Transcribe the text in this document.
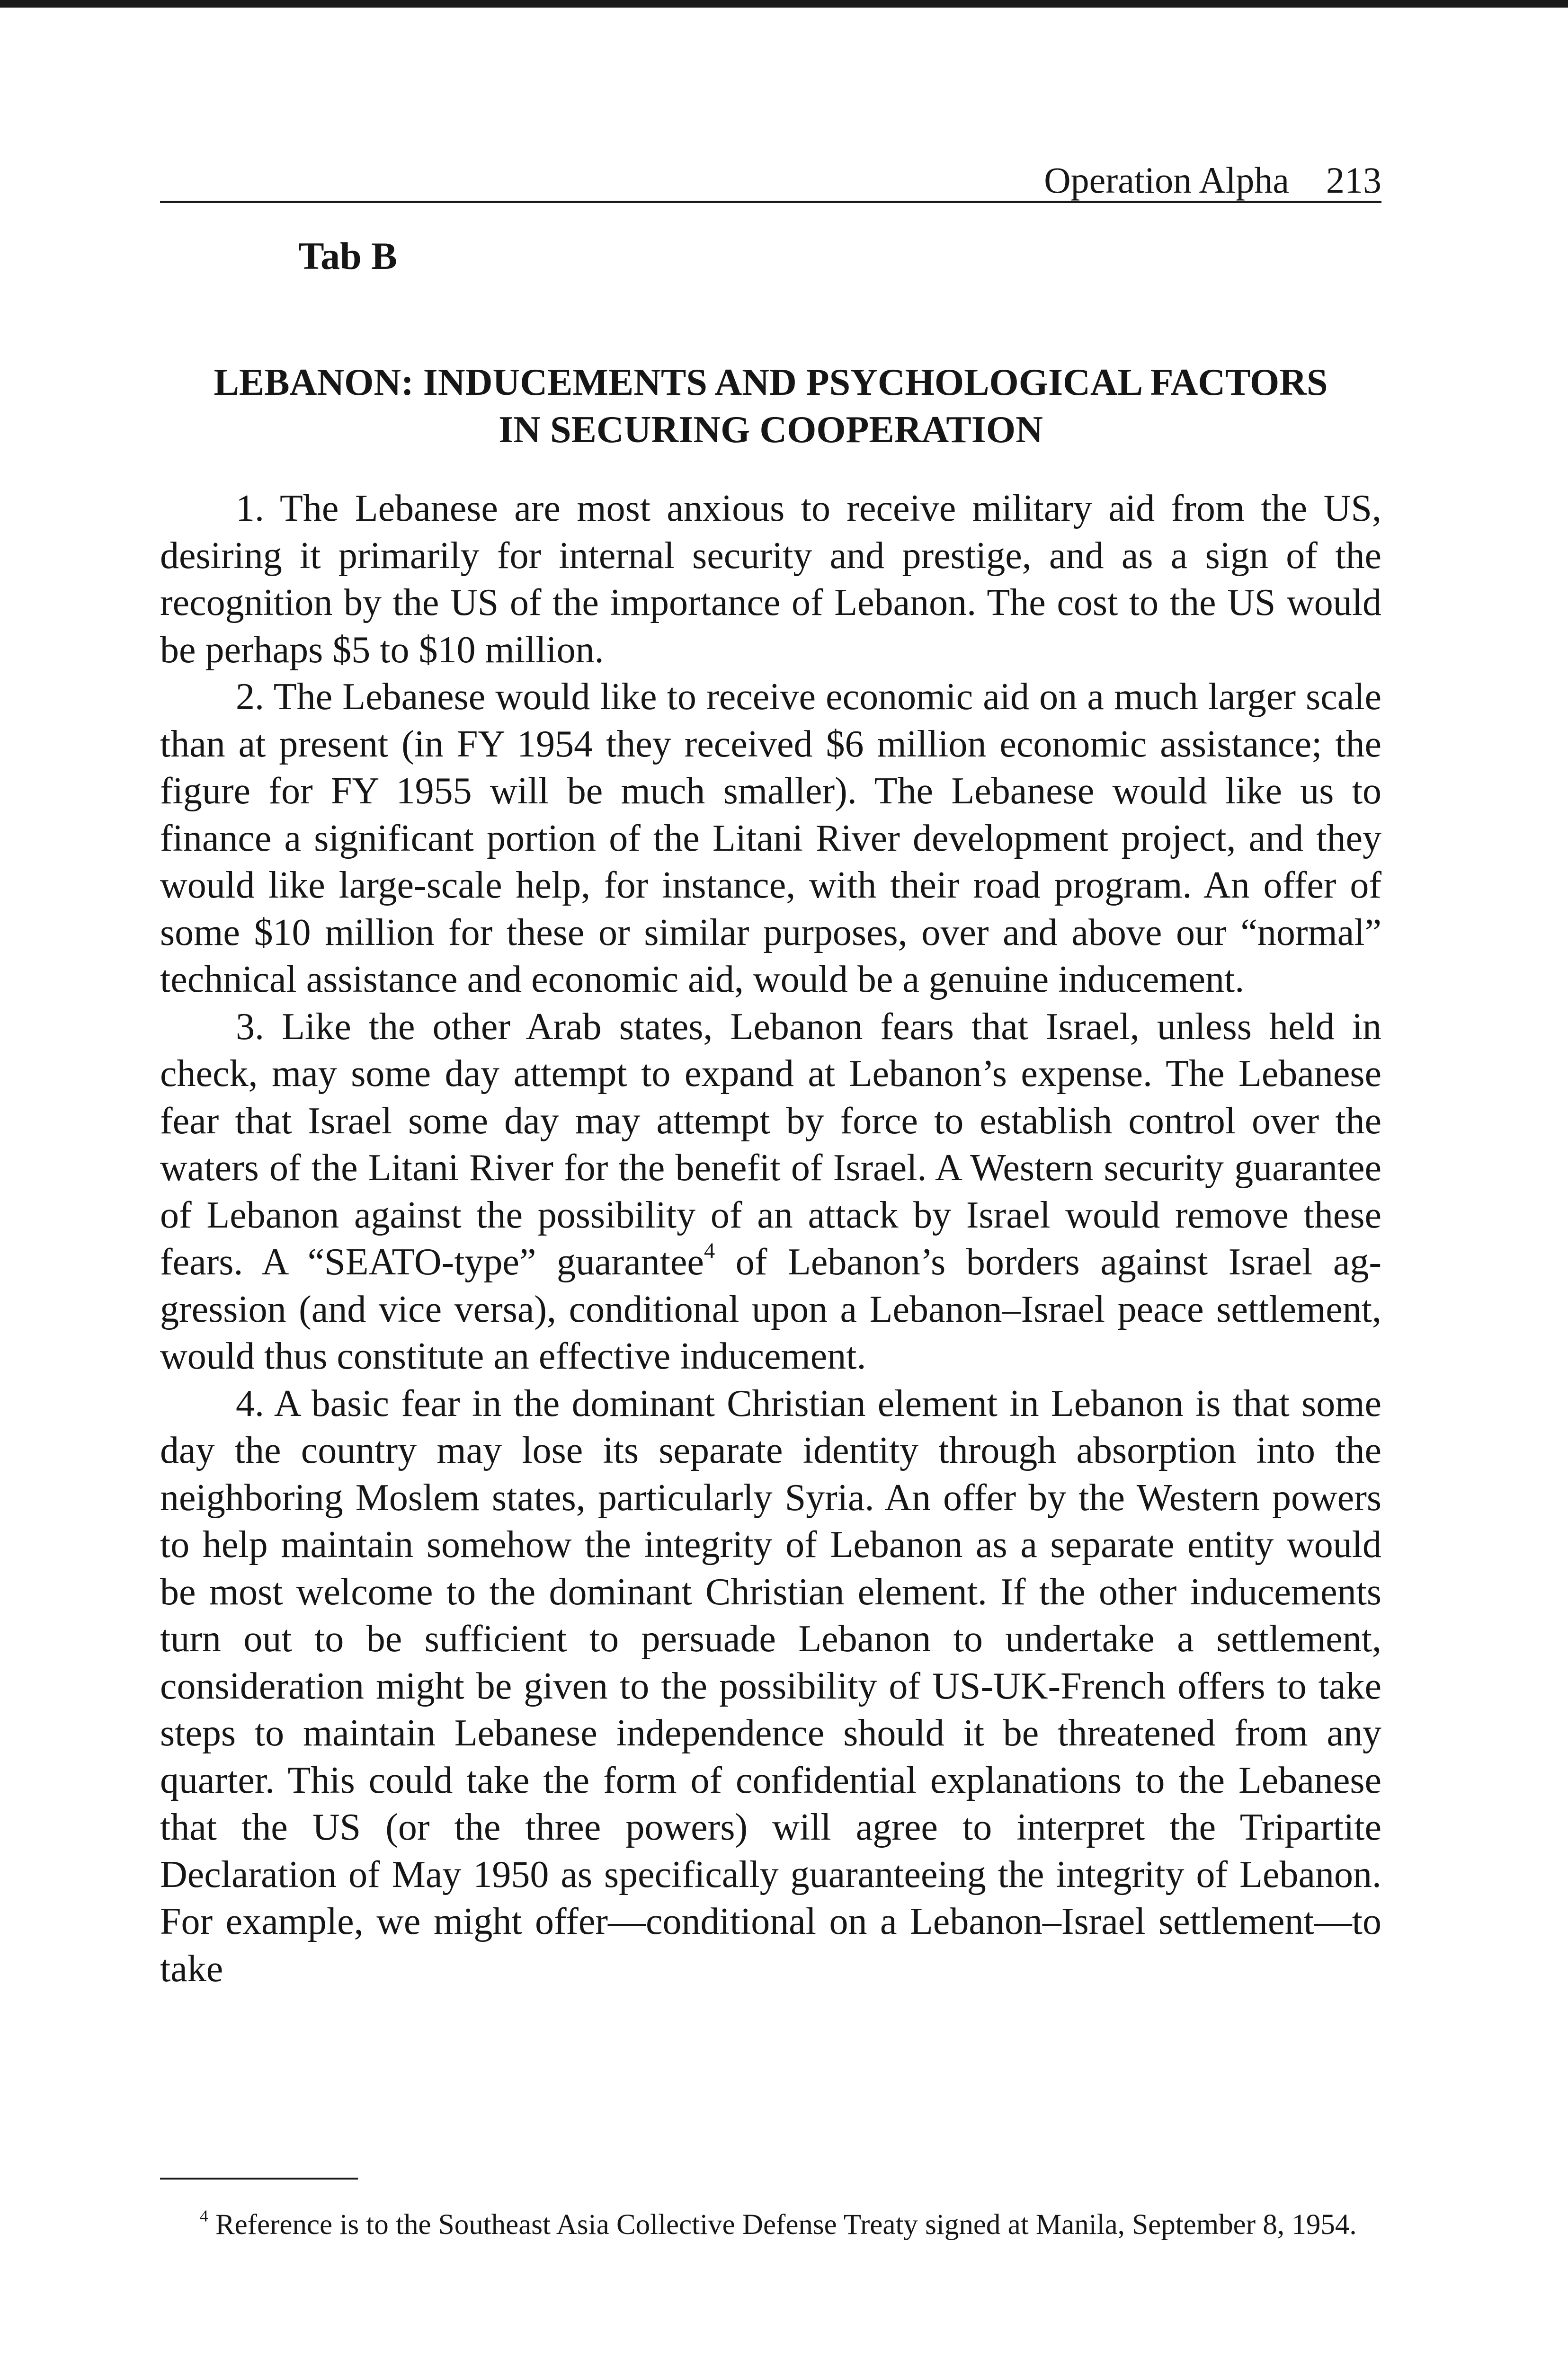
Operation Alpha 213
Tab B
LEBANON: INDUCEMENTS AND PSYCHOLOGICAL FACTORS
IN SECURING COOPERATION

1. The Lebanese are most anxious to receive military aid from the US, desiring it primarily for internal security and prestige, and as a sign of the recognition by the US of the importance of Lebanon. The cost to the US would be perhaps $5 to $10 million.

2. The Lebanese would like to receive economic aid on a much larger scale than at present (in FY 1954 they received $6 million economic assistance; the figure for FY 1955 will be much smaller). The Lebanese would like us to finance a significant portion of the Litani River development project, and they would like large-scale help, for instance, with their road program. An offer of some $10 million for these or similar purposes, over and above our “normal” technical assistance and economic aid, would be a genuine inducement.

3. Like the other Arab states, Lebanon fears that Israel, unless held in check, may some day attempt to expand at Lebanon’s expense. The Lebanese fear that Israel some day may attempt by force to establish control over the waters of the Litani River for the benefit of Israel. A Western security guarantee of Lebanon against the possibility of an attack by Israel would remove these fears. A “SEATO-type” guarantee$^4$ of Lebanon’s borders against Israel aggression (and vice versa), conditional upon a Lebanon–Israel peace settlement, would thus constitute an effective inducement.

4. A basic fear in the dominant Christian element in Lebanon is that some day the country may lose its separate identity through absorption into the neighboring Moslem states, particularly Syria. An offer by the Western powers to help maintain somehow the integrity of Lebanon as a separate entity would be most welcome to the dominant Christian element. If the other inducements turn out to be sufficient to persuade Lebanon to undertake a settlement, consideration might be given to the possibility of US-UK-French offers to take steps to maintain Lebanese independence should it be threatened from any quarter. This could take the form of confidential explanations to the Lebanese that the US (or the three powers) will agree to interpret the Tripartite Declaration of May 1950 as specifically guaranteeing the integrity of Lebanon. For example, we might offer—conditional on a Lebanon–Israel settlement—to take

$^4$ Reference is to the Southeast Asia Collective Defense Treaty signed at Manila, September 8, 1954.
